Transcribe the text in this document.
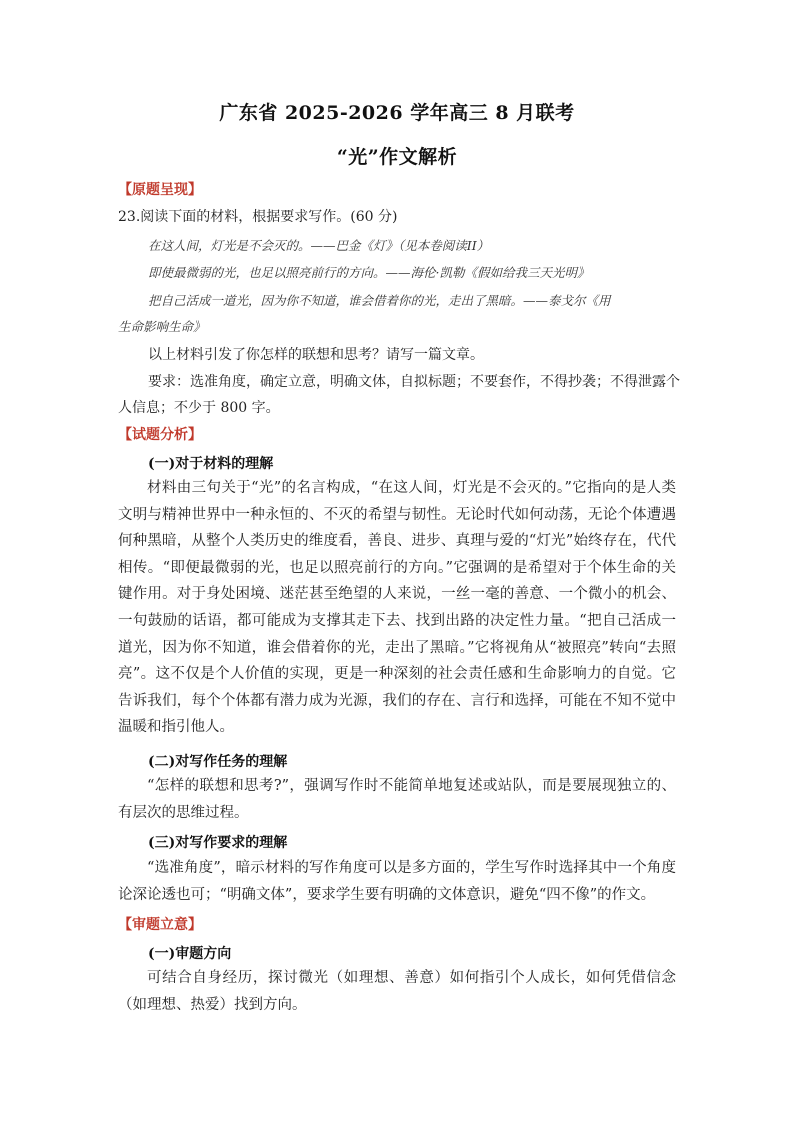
广东省 2025-2026 学年高三 8 月联考
“光”作文解析
【原题呈现】
23.阅读下面的材料，根据要求写作。(60 分)
在这人间，灯光是不会灭的。——巴金《灯》（见本卷阅读II）
即使最微弱的光，也足以照亮前行的方向。——海伦·凯勒《假如给我三天光明》
把自己活成一道光，因为你不知道，谁会借着你的光，走出了黑暗。——泰戈尔《用
生命影响生命》
以上材料引发了你怎样的联想和思考？请写一篇文章。
要求：选准角度，确定立意，明确文体，自拟标题；不要套作，不得抄袭；不得泄露个
人信息；不少于 800 字。
【试题分析】
(一)对于材料的理解
材料由三句关于“光”的名言构成，“在这人间，灯光是不会灭的。”它指向的是人类文明与精神世界中一种永恒的、不灭的希望与韧性。无论时代如何动荡，无论个体遭遇何种黑暗，从整个人类历史的维度看，善良、进步、真理与爱的“灯光”始终存在，代代相传。“即便最微弱的光，也足以照亮前行的方向。”它强调的是希望对于个体生命的关键作用。对于身处困境、迷茫甚至绝望的人来说，一丝一毫的善意、一个微小的机会、一句鼓励的话语，都可能成为支撑其走下去、找到出路的决定性力量。“把自己活成一道光，因为你不知道，谁会借着你的光，走出了黑暗。”它将视角从“被照亮”转向“去照亮”。这不仅是个人价值的实现，更是一种深刻的社会责任感和生命影响力的自觉。它告诉我们，每个个体都有潜力成为光源，我们的存在、言行和选择，可能在不知不觉中温暖和指引他人。
(二)对写作任务的理解
“怎样的联想和思考?”，强调写作时不能简单地复述或站队，而是要展现独立的、有层次的思维过程。
(三)对写作要求的理解
“选准角度”，暗示材料的写作角度可以是多方面的，学生写作时选择其中一个角度论深论透也可；“明确文体”，要求学生要有明确的文体意识，避免“四不像”的作文。
【审题立意】
(一)审题方向
可结合自身经历，探讨微光（如理想、善意）如何指引个人成长，如何凭借信念（如理想、热爱）找到方向。
